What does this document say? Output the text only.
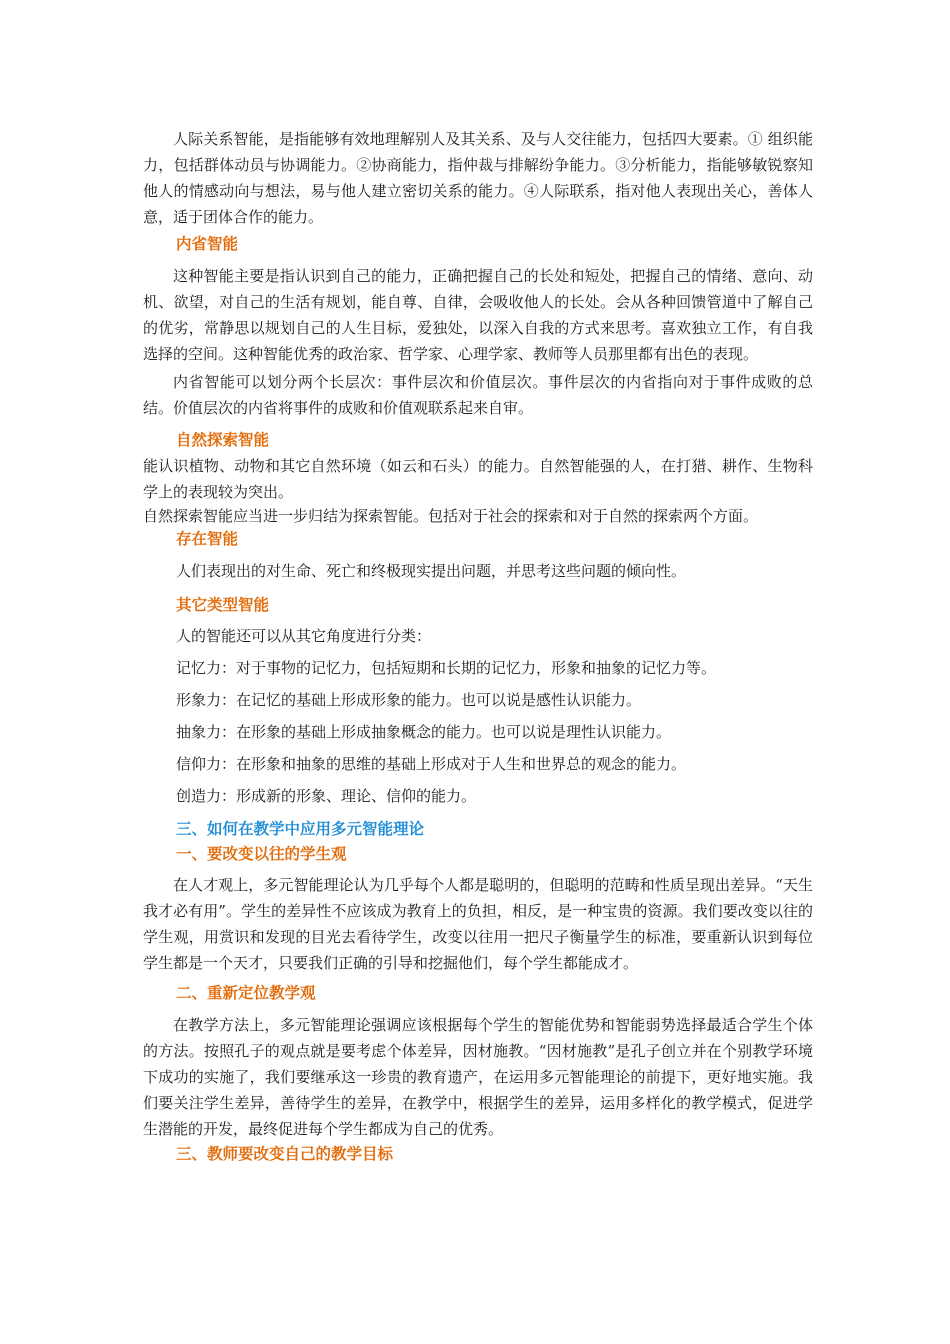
人际关系智能，是指能够有效地理解别人及其关系、及与人交往能力，包括四大要素。① 组织能力，包括群体动员与协调能力。②协商能力，指仲裁与排解纷争能力。③分析能力，指能够敏锐察知他人的情感动向与想法，易与他人建立密切关系的能力。④人际联系，指对他人表现出关心，善体人意，适于团体合作的能力。

内省智能

这种智能主要是指认识到自己的能力，正确把握自己的长处和短处，把握自己的情绪、意向、动机、欲望，对自己的生活有规划，能自尊、自律，会吸收他人的长处。会从各种回馈管道中了解自己的优劣，常静思以规划自己的人生目标，爱独处，以深入自我的方式来思考。喜欢独立工作，有自我选择的空间。这种智能优秀的政治家、哲学家、心理学家、教师等人员那里都有出色的表现。

内省智能可以划分两个长层次：事件层次和价值层次。事件层次的内省指向对于事件成败的总结。价值层次的内省将事件的成败和价值观联系起来自审。

自然探索智能

能认识植物、动物和其它自然环境（如云和石头）的能力。自然智能强的人，在打猎、耕作、生物科学上的表现较为突出。

自然探索智能应当进一步归结为探索智能。包括对于社会的探索和对于自然的探索两个方面。

存在智能

人们表现出的对生命、死亡和终极现实提出问题，并思考这些问题的倾向性。

其它类型智能

人的智能还可以从其它角度进行分类：

记忆力：对于事物的记忆力，包括短期和长期的记忆力，形象和抽象的记忆力等。

形象力：在记忆的基础上形成形象的能力。也可以说是感性认识能力。

抽象力：在形象的基础上形成抽象概念的能力。也可以说是理性认识能力。

信仰力：在形象和抽象的思维的基础上形成对于人生和世界总的观念的能力。

创造力：形成新的形象、理论、信仰的能力。

三、如何在教学中应用多元智能理论

一、要改变以往的学生观

在人才观上，多元智能理论认为几乎每个人都是聪明的，但聪明的范畴和性质呈现出差异。“天生我才必有用”。学生的差异性不应该成为教育上的负担，相反，是一种宝贵的资源。我们要改变以往的学生观，用赏识和发现的目光去看待学生，改变以往用一把尺子衡量学生的标准，要重新认识到每位学生都是一个天才，只要我们正确的引导和挖掘他们，每个学生都能成才。

二、重新定位教学观

在教学方法上，多元智能理论强调应该根据每个学生的智能优势和智能弱势选择最适合学生个体的方法。按照孔子的观点就是要考虑个体差异，因材施教。“因材施教”是孔子创立并在个别教学环境下成功的实施了，我们要继承这一珍贵的教育遗产，在运用多元智能理论的前提下，更好地实施。我们要关注学生差异，善待学生的差异，在教学中，根据学生的差异，运用多样化的教学模式，促进学生潜能的开发，最终促进每个学生都成为自己的优秀。

三、教师要改变自己的教学目标
